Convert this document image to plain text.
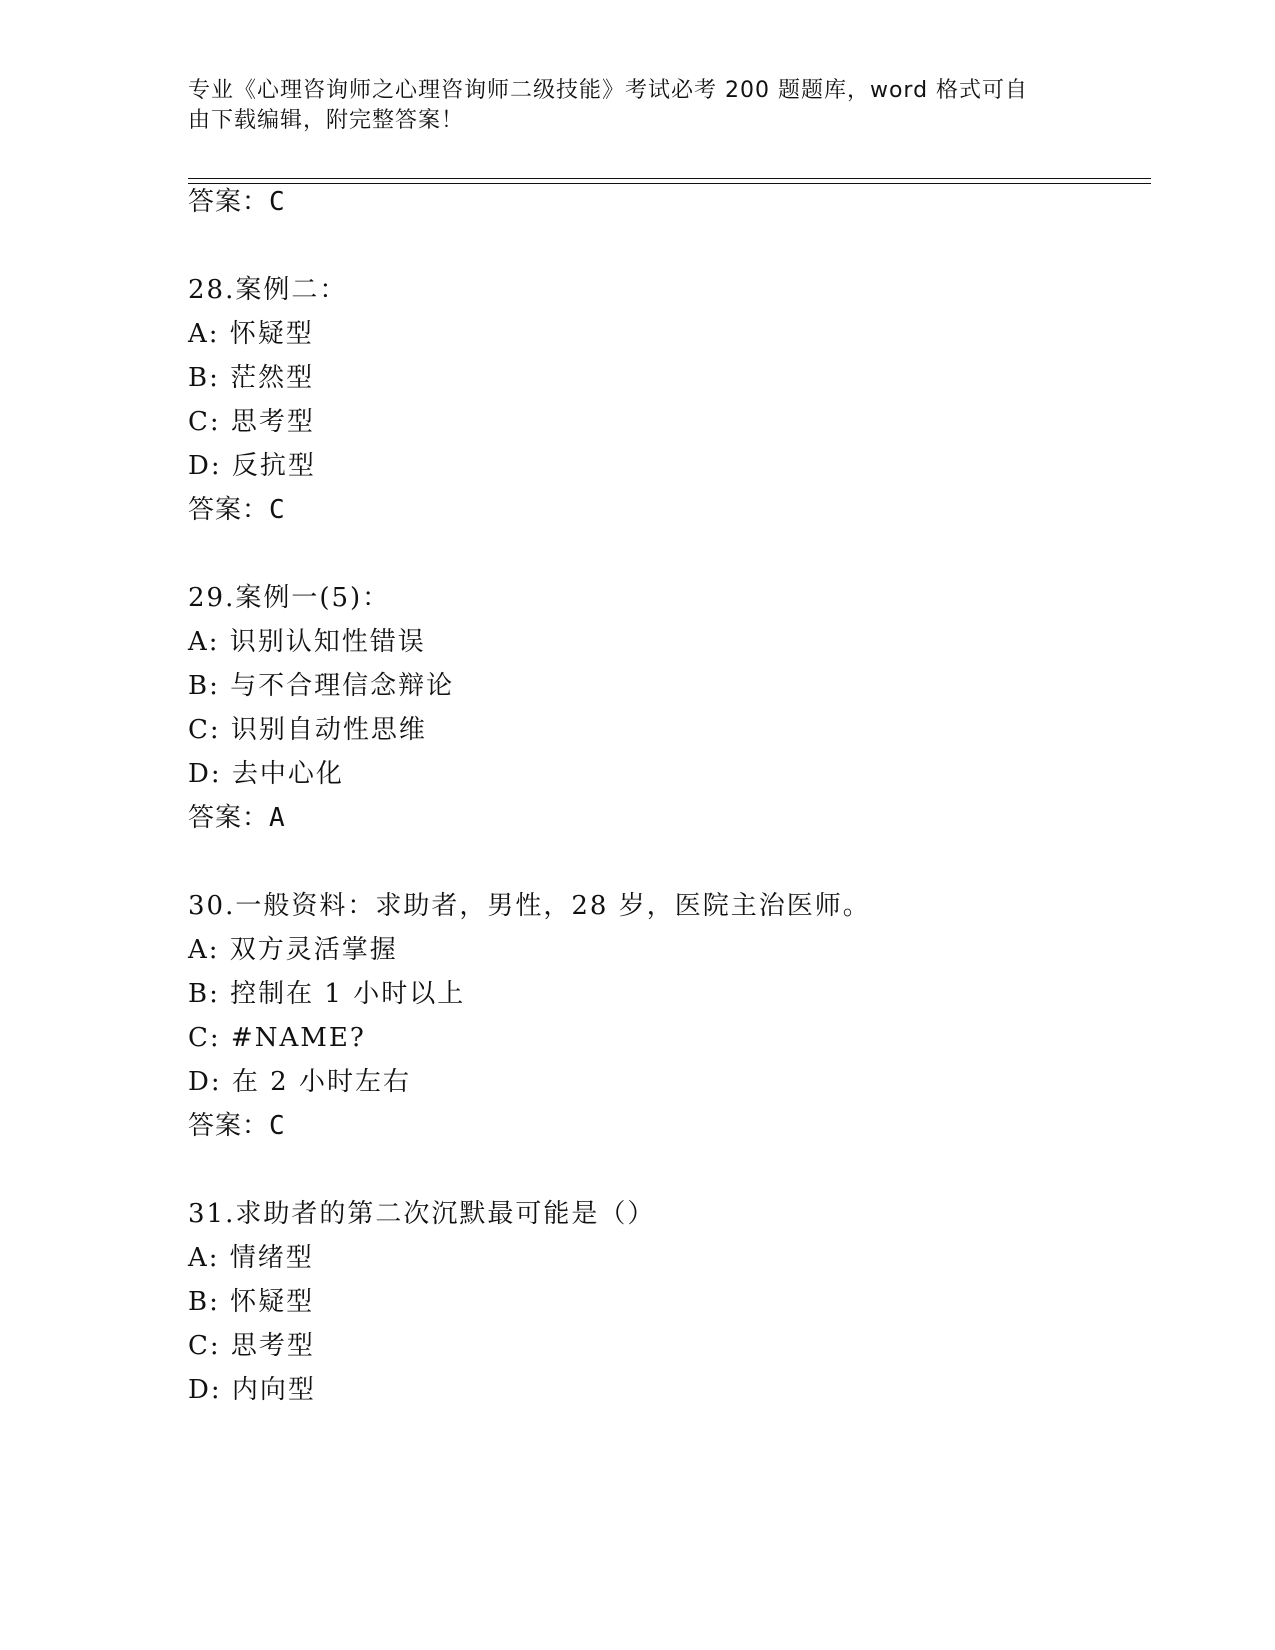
专业《心理咨询师之心理咨询师二级技能》考试必考 200 题题库，word 格式可自
由下载编辑，附完整答案！
答案：C
28.案例二：
A: 怀疑型
B: 茫然型
C: 思考型
D: 反抗型
答案：C
29.案例一(5)：
A: 识别认知性错误
B: 与不合理信念辩论
C: 识别自动性思维
D: 去中心化
答案：A
30.一般资料：求助者，男性，28 岁，医院主治医师。
A: 双方灵活掌握
B: 控制在 1 小时以上
C: #NAME?
D: 在 2 小时左右
答案：C
31.求助者的第二次沉默最可能是（）
A: 情绪型
B: 怀疑型
C: 思考型
D: 内向型
